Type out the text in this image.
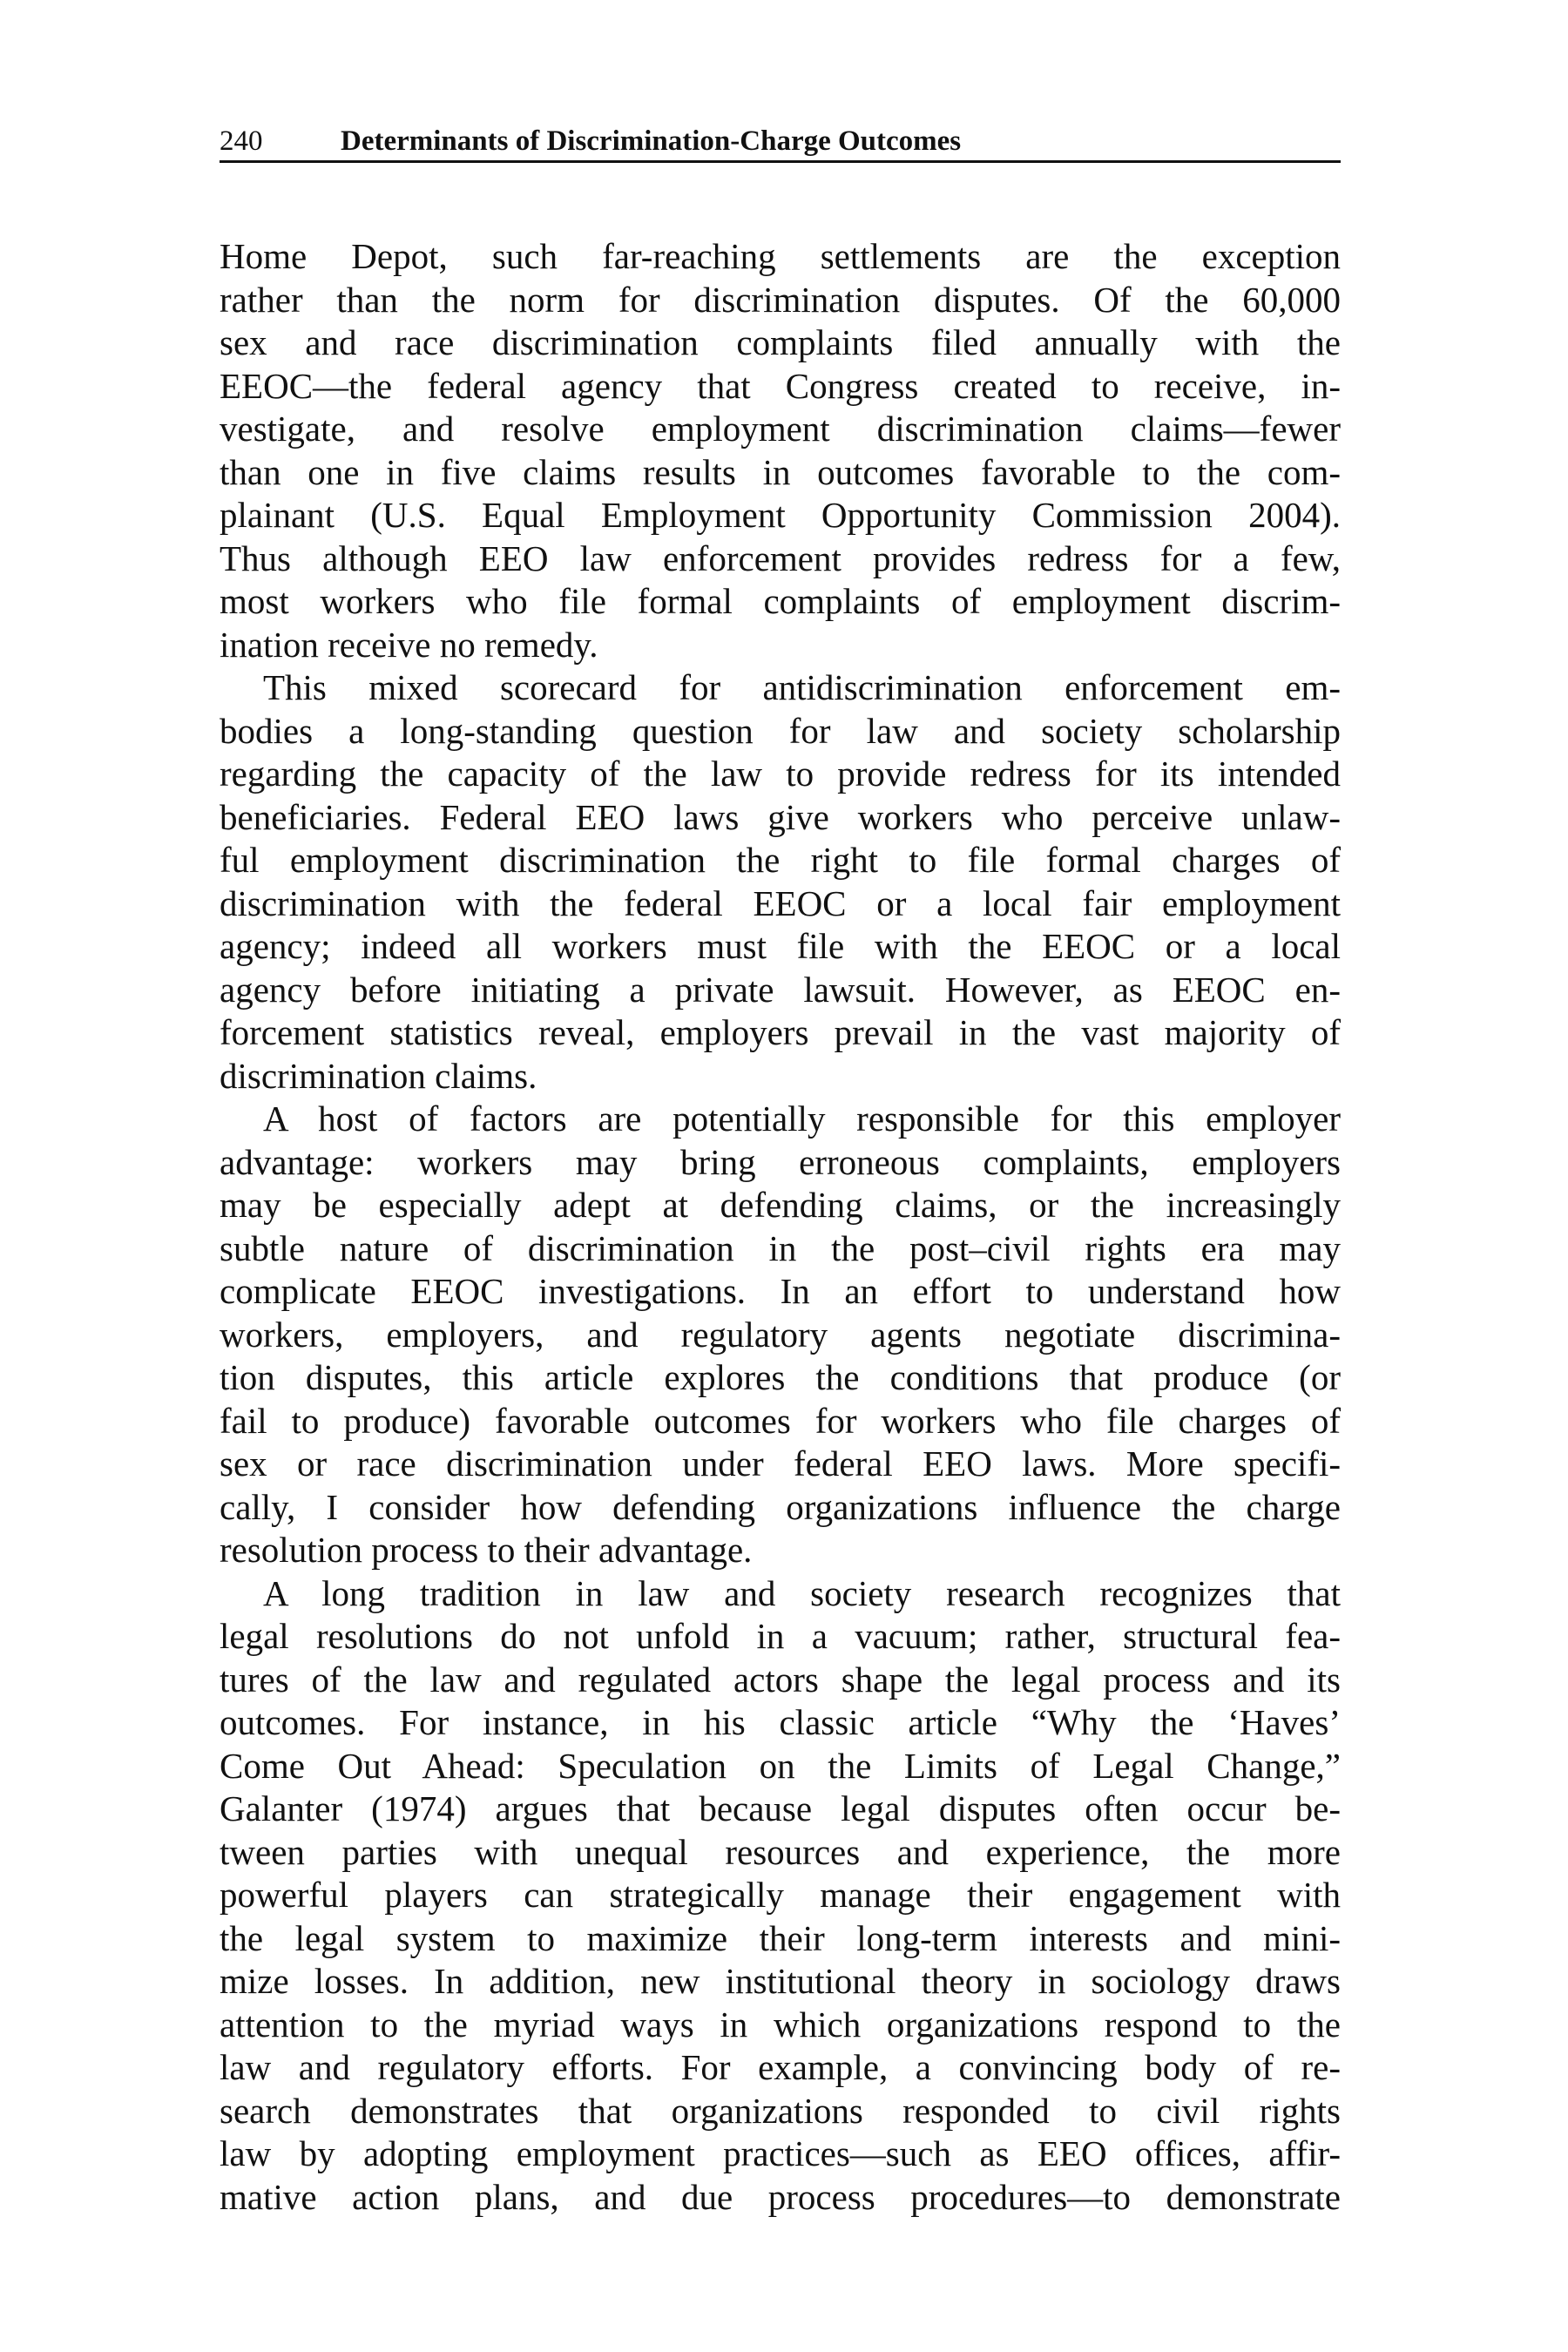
240	Determinants of Discrimination-Charge Outcomes
Home Depot, such far-reaching settlements are the exception
rather than the norm for discrimination disputes. Of the 60,000
sex and race discrimination complaints filed annually with the
EEOC—the federal agency that Congress created to receive, in-
vestigate, and resolve employment discrimination claims—fewer
than one in five claims results in outcomes favorable to the com-
plainant (U.S. Equal Employment Opportunity Commission 2004).
Thus although EEO law enforcement provides redress for a few,
most workers who file formal complaints of employment discrim-
ination receive no remedy.
This mixed scorecard for antidiscrimination enforcement em-
bodies a long-standing question for law and society scholarship
regarding the capacity of the law to provide redress for its intended
beneficiaries. Federal EEO laws give workers who perceive unlaw-
ful employment discrimination the right to file formal charges of
discrimination with the federal EEOC or a local fair employment
agency; indeed all workers must file with the EEOC or a local
agency before initiating a private lawsuit. However, as EEOC en-
forcement statistics reveal, employers prevail in the vast majority of
discrimination claims.
A host of factors are potentially responsible for this employer
advantage: workers may bring erroneous complaints, employers
may be especially adept at defending claims, or the increasingly
subtle nature of discrimination in the post–civil rights era may
complicate EEOC investigations. In an effort to understand how
workers, employers, and regulatory agents negotiate discrimina-
tion disputes, this article explores the conditions that produce (or
fail to produce) favorable outcomes for workers who file charges of
sex or race discrimination under federal EEO laws. More specifi-
cally, I consider how defending organizations influence the charge
resolution process to their advantage.
A long tradition in law and society research recognizes that
legal resolutions do not unfold in a vacuum; rather, structural fea-
tures of the law and regulated actors shape the legal process and its
outcomes. For instance, in his classic article “Why the ‘Haves’
Come Out Ahead: Speculation on the Limits of Legal Change,”
Galanter (1974) argues that because legal disputes often occur be-
tween parties with unequal resources and experience, the more
powerful players can strategically manage their engagement with
the legal system to maximize their long-term interests and mini-
mize losses. In addition, new institutional theory in sociology draws
attention to the myriad ways in which organizations respond to the
law and regulatory efforts. For example, a convincing body of re-
search demonstrates that organizations responded to civil rights
law by adopting employment practices—such as EEO offices, affir-
mative action plans, and due process procedures—to demonstrate
